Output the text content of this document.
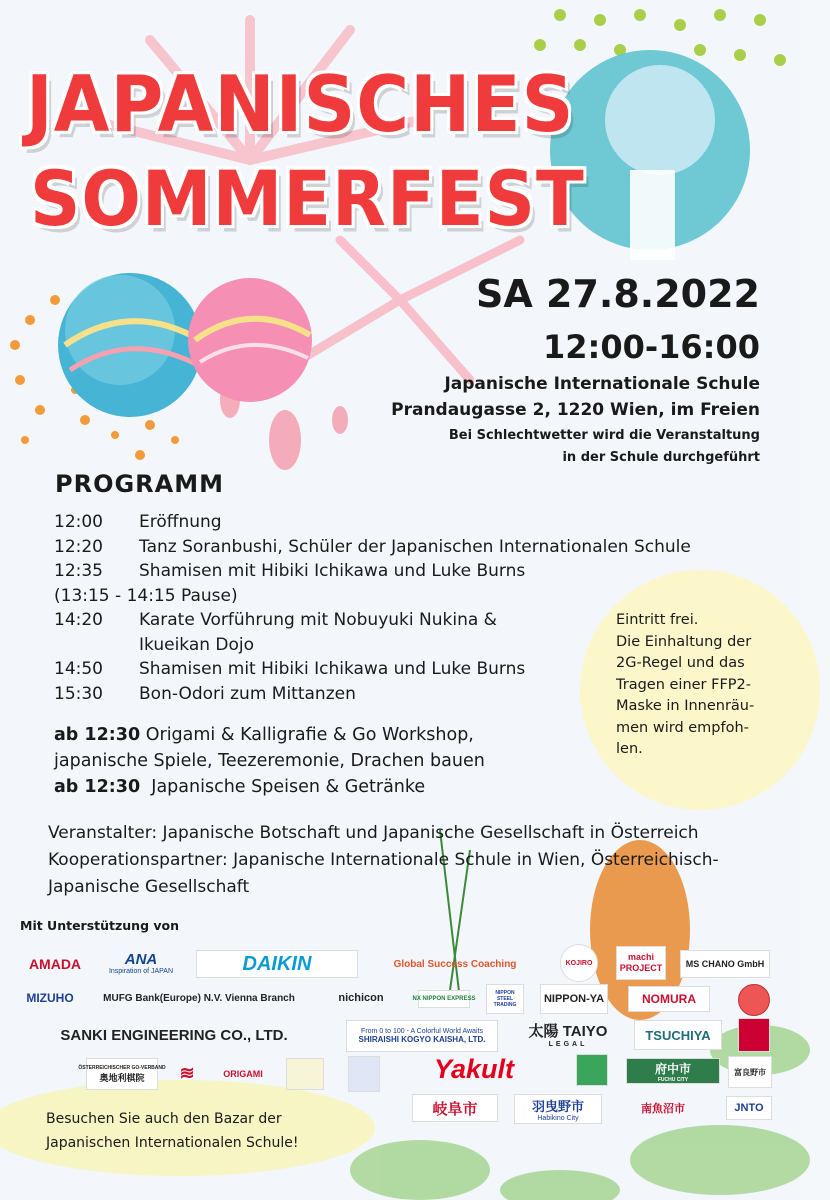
JAPANISCHES
SOMMERFEST
SA 27.8.2022
12:00-16:00
Japanische Internationale Schule
Prandaugasse 2, 1220 Wien, im Freien
Bei Schlechtwetter wird die Veranstaltung
in der Schule durchgeführt
PROGRAMM
12:00	Eröffnung
12:20	Tanz Soranbushi, Schüler der Japanischen Internationalen Schule
12:35	Shamisen mit Hibiki Ichikawa und Luke Burns
(13:15 - 14:15 Pause)
14:20	Karate Vorführung mit Nobuyuki Nukina &
Ikueikan Dojo
14:50	Shamisen mit Hibiki Ichikawa und Luke Burns
15:30	Bon-Odori zum Mittanzen
ab 12:30 Origami & Kalligrafie & Go Workshop,
japanische Spiele, Teezeremonie, Drachen bauen
ab 12:30 Japanische Speisen & Getränke
Eintritt frei.
Die Einhaltung der
2G-Regel und das
Tragen einer FFP2-
Maske in Innenräu-
men wird empfoh-
len.
Veranstalter: Japanische Botschaft und Japanische Gesellschaft in Österreich
Kooperationspartner: Japanische Internationale Schule in Wien, Österreichisch-
Japanische Gesellschaft
Mit Unterstützung von
AMADA	ANA
Inspiration of JAPAN	DAIKIN	Global Success Coaching	KOJIRO
machi PROJECT	MS CHANO GmbH
MIZUHO	MUFG Bank(Europe) N.V. Vienna Branch	nichicon	NX NIPPON EXPRESS
NIPPON STEEL TRADING	NIPPON-YA	NOMURA
SANKI ENGINEERING CO., LTD.	From 0 to 100 - A Colorful World Awaits
SHIRAISHI KOGYO KAISHA, LTD.	太陽 TAIYO
LEGAL
TSUCHIYA
ÖSTERREICHISCHER GO-VERBAND
奥地利棋院	≋	ORIGAMI	Yakult	府中市
FUCHU CITY
富良野市
岐阜市	羽曳野市
Habikino City
南魚沼市	JNTO
Besuchen Sie auch den Bazar der
Japanischen Internationalen Schule!
